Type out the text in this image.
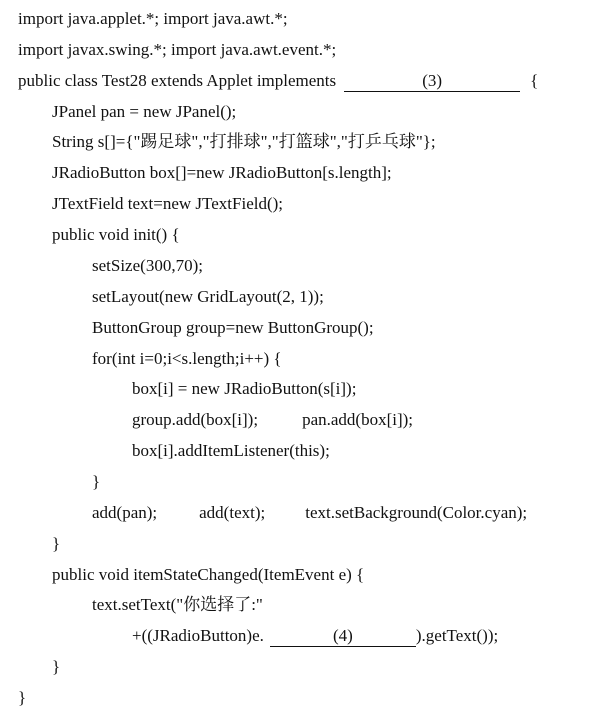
import java.applet.*; import java.awt.*;
import javax.swing.*; import java.awt.event.*;
public class Test28 extends Applet implements	(3)	{
JPanel pan = new JPanel();
String s[]={"踢足球","打排球","打篮球","打乒乓球"};
JRadioButton box[]=new JRadioButton[s.length];
JTextField text=new JTextField();
public void init() {
setSize(300,70);
setLayout(new GridLayout(2, 1));
ButtonGroup group=new ButtonGroup();
for(int i=0;i<s.length;i++) {
box[i] = new JRadioButton(s[i]);
group.add(box[i]);	pan.add(box[i]);
box[i].addItemListener(this);
}
add(pan); add(text); text.setBackground(Color.cyan);
}
public void itemStateChanged(ItemEvent e) {
text.setText("你选择了:"
+((JRadioButton)e.	(4)	).getText());
}
}
